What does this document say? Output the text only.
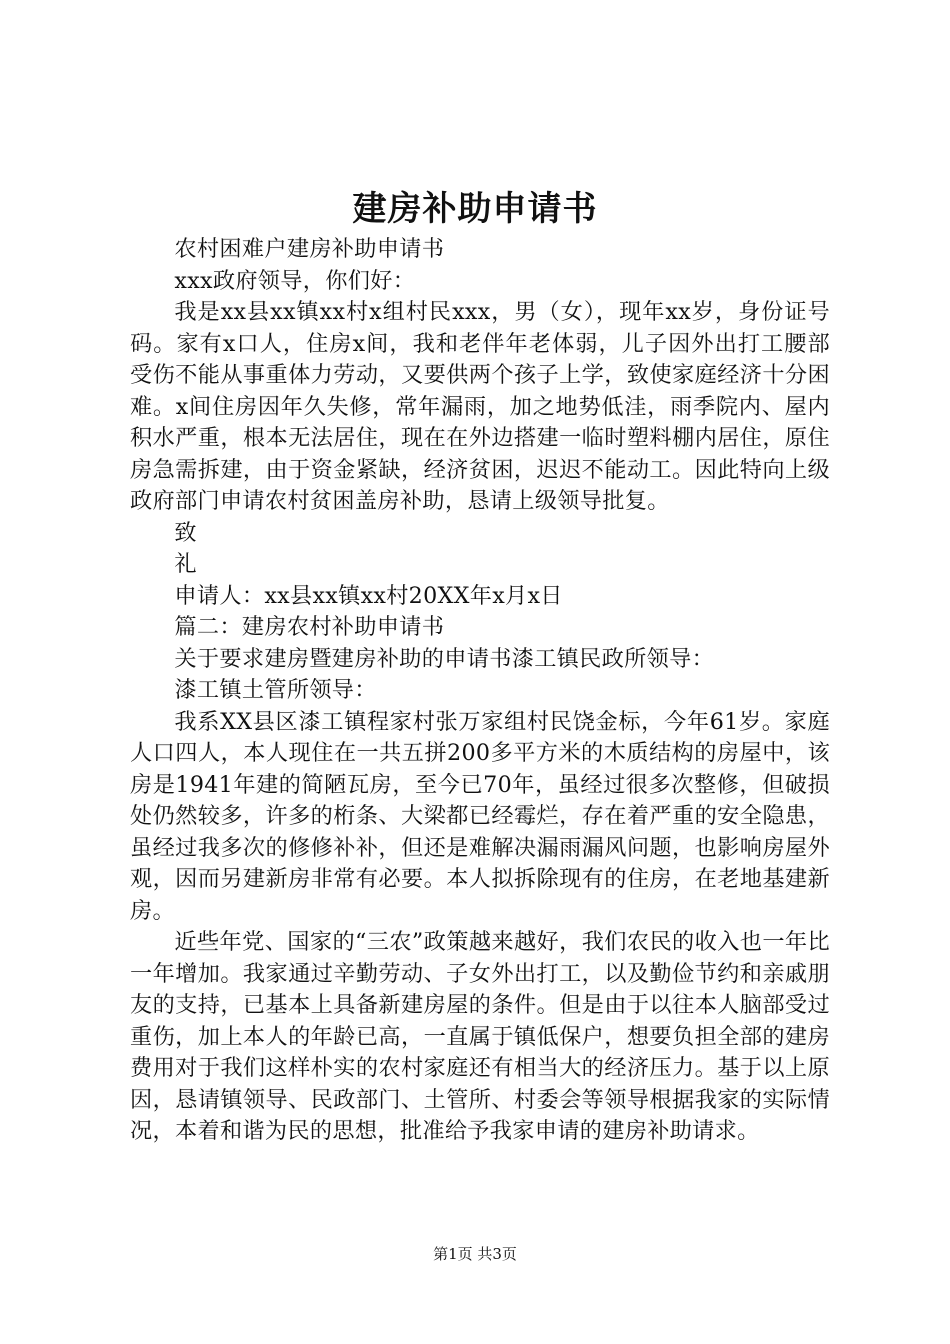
建房补助申请书

农村困难户建房补助申请书

xxx政府领导，你们好：

我是xx县xx镇xx村x组村民xxx，男（女），现年xx岁，身份证号码。家有x口人，住房x间，我和老伴年老体弱，儿子因外出打工腰部受伤不能从事重体力劳动，又要供两个孩子上学，致使家庭经济十分困难。x间住房因年久失修，常年漏雨，加之地势低洼，雨季院内、屋内积水严重，根本无法居住，现在在外边搭建一临时塑料棚内居住，原住房急需拆建，由于资金紧缺，经济贫困，迟迟不能动工。因此特向上级政府部门申请农村贫困盖房补助，恳请上级领导批复。

致

礼

申请人：xx县xx镇xx村20XX年x月x日

篇二：建房农村补助申请书

关于要求建房暨建房补助的申请书漆工镇民政所领导：

漆工镇土管所领导：

我系XX县区漆工镇程家村张万家组村民饶金标，今年61岁。家庭人口四人，本人现住在一共五拼200多平方米的木质结构的房屋中，该房是1941年建的简陋瓦房，至今已70年，虽经过很多次整修，但破损处仍然较多，许多的桁条、大梁都已经霉烂，存在着严重的安全隐患，虽经过我多次的修修补补，但还是难解决漏雨漏风问题，也影响房屋外观，因而另建新房非常有必要。本人拟拆除现有的住房，在老地基建新房。

近些年党、国家的“三农”政策越来越好，我们农民的收入也一年比一年增加。我家通过辛勤劳动、子女外出打工，以及勤俭节约和亲戚朋友的支持，已基本上具备新建房屋的条件。但是由于以往本人脑部受过重伤，加上本人的年龄已高，一直属于镇低保户，想要负担全部的建房费用对于我们这样朴实的农村家庭还有相当大的经济压力。基于以上原因，恳请镇领导、民政部门、土管所、村委会等领导根据我家的实际情况，本着和谐为民的思想，批准给予我家申请的建房补助请求。

第1页 共3页
